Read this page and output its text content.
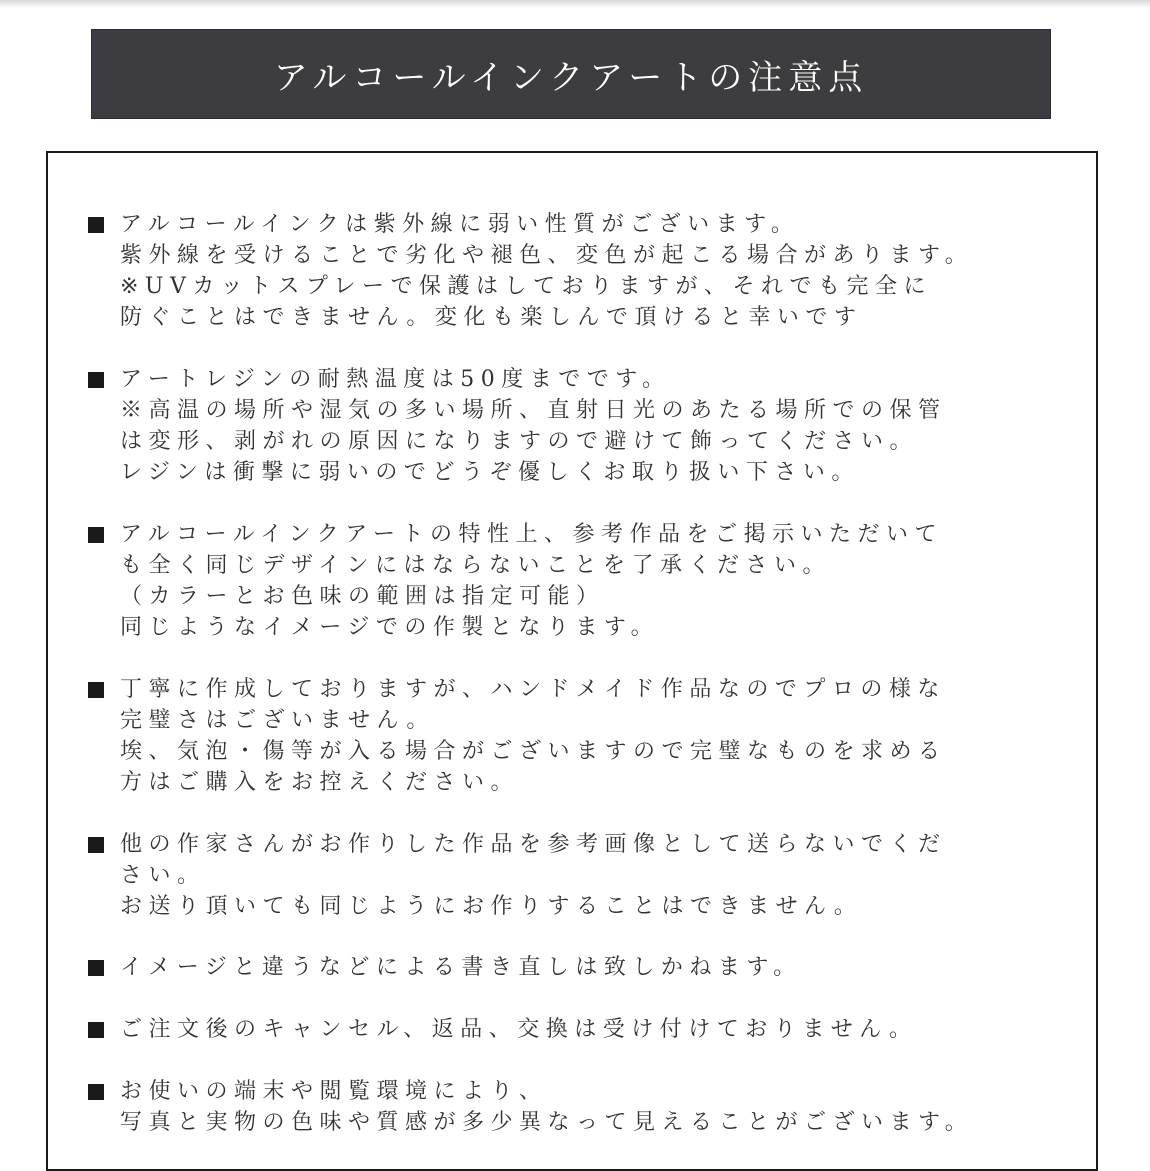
アルコールインクアートの注意点
アルコールインクは紫外線に弱い性質がございます。
紫外線を受けることで劣化や褪色、変色が起こる場合があります。
※UVカットスプレーで保護はしておりますが、それでも完全に
防ぐことはできません。変化も楽しんで頂けると幸いです
アートレジンの耐熱温度は50度までです。
※高温の場所や湿気の多い場所、直射日光のあたる場所での保管
は変形、剥がれの原因になりますので避けて飾ってください。
レジンは衝撃に弱いのでどうぞ優しくお取り扱い下さい。
アルコールインクアートの特性上、参考作品をご掲示いただいて
も全く同じデザインにはならないことを了承ください。
（カラーとお色味の範囲は指定可能）
同じようなイメージでの作製となります。
丁寧に作成しておりますが、ハンドメイド作品なのでプロの様な
完璧さはございません。
埃、気泡・傷等が入る場合がございますので完璧なものを求める
方はご購入をお控えください。
他の作家さんがお作りした作品を参考画像として送らないでくだ
さい。
お送り頂いても同じようにお作りすることはできません。
イメージと違うなどによる書き直しは致しかねます。
ご注文後のキャンセル、返品、交換は受け付けておりません。
お使いの端末や閲覧環境により、
写真と実物の色味や質感が多少異なって見えることがございます。
